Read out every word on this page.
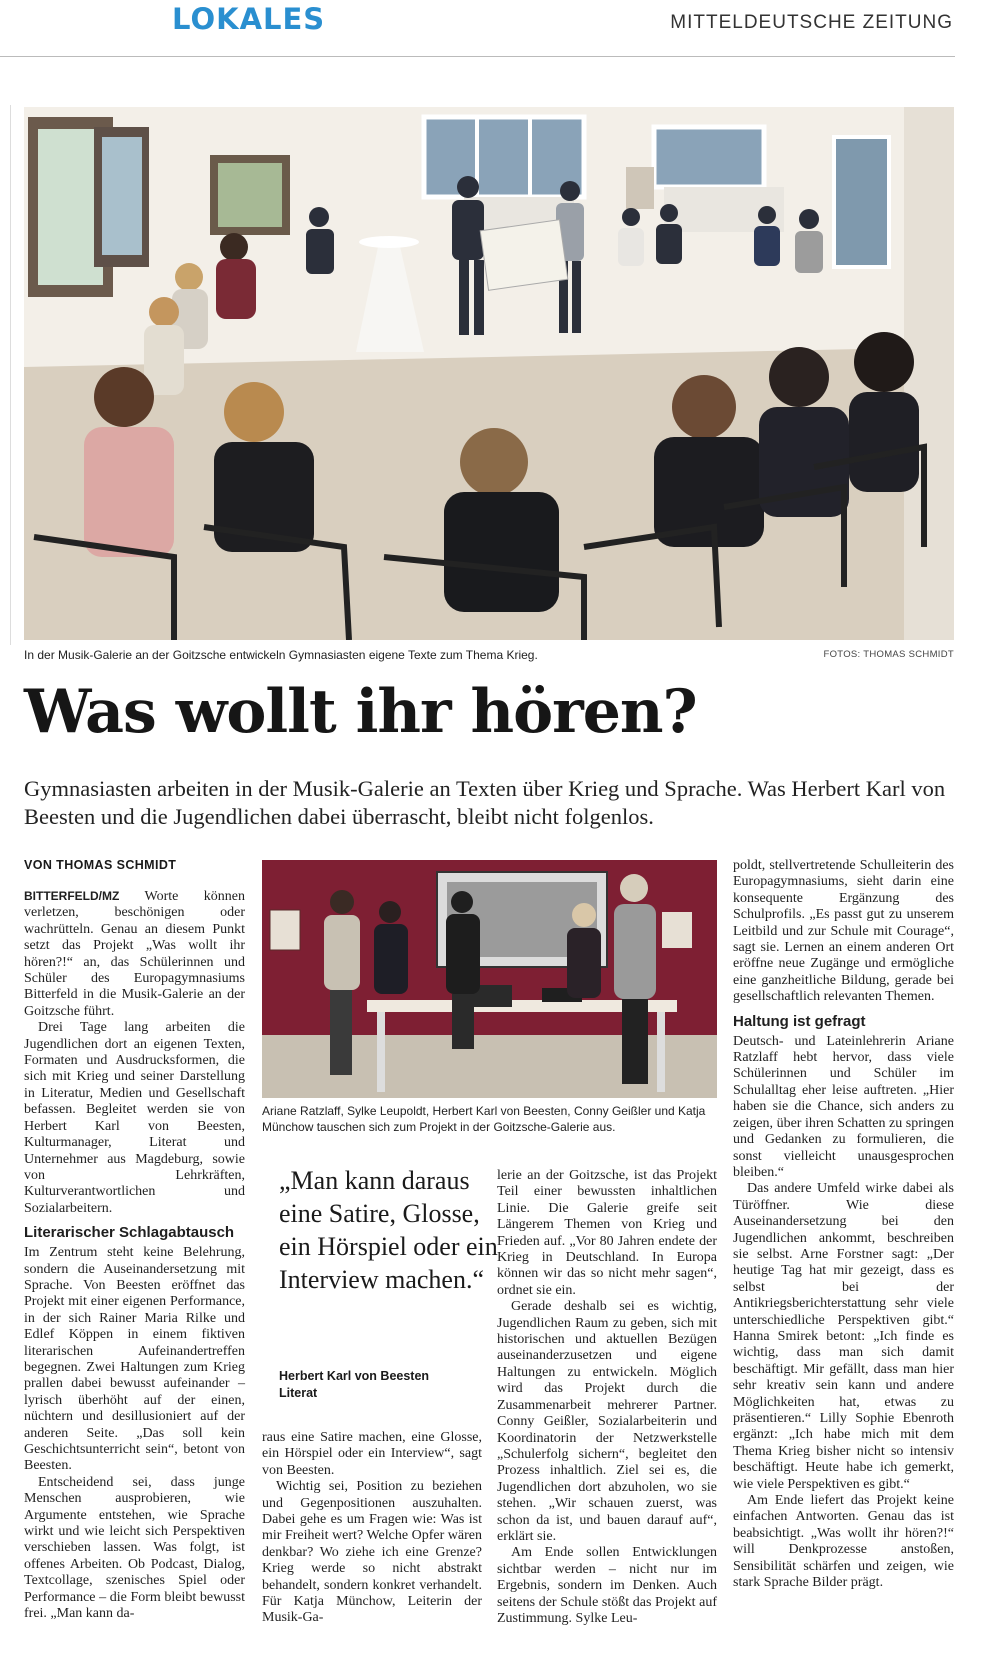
LOKALES	MITTELDEUTSCHE ZEITUNG
In der Musik-Galerie an der Goitzsche entwickeln Gymnasiasten eigene Texte zum Thema Krieg.	FOTOS: THOMAS SCHMIDT
Was wollt ihr hören?
Gymnasiasten arbeiten in der Musik-Galerie an Texten über Krieg und Sprache. Was Herbert Karl von Beesten und die Jugendlichen dabei überrascht, bleibt nicht folgenlos.
VON THOMAS SCHMIDT

BITTERFELD/MZ Worte können verletzen, beschönigen oder wachrütteln. Genau an diesem Punkt setzt das Projekt „Was wollt ihr hören?!“ an, das Schülerinnen und Schüler des Europagymnasiums Bitterfeld in die Musik-Galerie an der Goitzsche führt.

Drei Tage lang arbeiten die Jugendlichen dort an eigenen Texten, Formaten und Ausdrucksformen, die sich mit Krieg und seiner Darstellung in Literatur, Medien und Gesellschaft befassen. Begleitet werden sie von Herbert Karl von Beesten, Kulturmanager, Literat und Unternehmer aus Magdeburg, sowie von Lehrkräften, Kulturverantwortlichen und Sozialarbeitern.

Literarischer Schlagabtausch

Im Zentrum steht keine Belehrung, sondern die Auseinandersetzung mit Sprache. Von Beesten eröffnet das Projekt mit einer eigenen Performance, in der sich Rainer Maria Rilke und Edlef Köppen in einem fiktiven literarischen Aufeinandertreffen begegnen. Zwei Haltungen zum Krieg prallen dabei bewusst aufeinander – lyrisch überhöht auf der einen, nüchtern und desillusioniert auf der anderen Seite. „Das soll kein Geschichtsunterricht sein“, betont von Beesten.

Entscheidend sei, dass junge Menschen ausprobieren, wie Argumente entstehen, wie Sprache wirkt und wie leicht sich Perspektiven verschieben lassen. Was folgt, ist offenes Arbeiten. Ob Podcast, Dialog, Textcollage, szenisches Spiel oder Performance – die Form bleibt bewusst frei. „Man kann da-

Ariane Ratzlaff, Sylke Leupoldt, Herbert Karl von Beesten, Conny Geißler und Katja Münchow tauschen sich zum Projekt in der Goitzsche-Galerie aus.
„Man kann daraus eine Satire, Glosse, ein Hörspiel oder ein Interview machen.“
Herbert Karl von Beesten
Literat

raus eine Satire machen, eine Glosse, ein Hörspiel oder ein Interview“, sagt von Beesten.

Wichtig sei, Position zu beziehen und Gegenpositionen auszuhalten. Dabei gehe es um Fragen wie: Was ist mir Freiheit wert? Welche Opfer wären denkbar? Wo ziehe ich eine Grenze? Krieg werde so nicht abstrakt behandelt, sondern konkret verhandelt. Für Katja Münchow, Leiterin der Musik-Ga-

lerie an der Goitzsche, ist das Projekt Teil einer bewussten inhaltlichen Linie. Die Galerie greife seit Längerem Themen von Krieg und Frieden auf. „Vor 80 Jahren endete der Krieg in Deutschland. In Europa können wir das so nicht mehr sagen“, ordnet sie ein.

Gerade deshalb sei es wichtig, Jugendlichen Raum zu geben, sich mit historischen und aktuellen Bezügen auseinanderzusetzen und eigene Haltungen zu entwickeln. Möglich wird das Projekt durch die Zusammenarbeit mehrerer Partner. Conny Geißler, Sozialarbeiterin und Koordinatorin der Netzwerkstelle „Schulerfolg sichern“, begleitet den Prozess inhaltlich. Ziel sei es, die Jugendlichen dort abzuholen, wo sie stehen. „Wir schauen zuerst, was schon da ist, und bauen darauf auf“, erklärt sie.

Am Ende sollen Entwicklungen sichtbar werden – nicht nur im Ergebnis, sondern im Denken. Auch seitens der Schule stößt das Projekt auf Zustimmung. Sylke Leu-

poldt, stellvertretende Schulleiterin des Europagymnasiums, sieht darin eine konsequente Ergänzung des Schulprofils. „Es passt gut zu unserem Leitbild und zur Schule mit Courage“, sagt sie. Lernen an einem anderen Ort eröffne neue Zugänge und ermögliche eine ganzheitliche Bildung, gerade bei gesellschaftlich relevanten Themen.

Haltung ist gefragt

Deutsch- und Lateinlehrerin Ariane Ratzlaff hebt hervor, dass viele Schülerinnen und Schüler im Schulalltag eher leise auftreten. „Hier haben sie die Chance, sich anders zu zeigen, über ihren Schatten zu springen und Gedanken zu formulieren, die sonst vielleicht unausgesprochen bleiben.“

Das andere Umfeld wirke dabei als Türöffner. Wie diese Auseinandersetzung bei den Jugendlichen ankommt, beschreiben sie selbst. Arne Forstner sagt: „Der heutige Tag hat mir gezeigt, dass es selbst bei der Antikriegsberichterstattung sehr viele unterschiedliche Perspektiven gibt.“ Hanna Smirek betont: „Ich finde es wichtig, dass man sich damit beschäftigt. Mir gefällt, dass man hier sehr kreativ sein kann und andere Möglichkeiten hat, etwas zu präsentieren.“ Lilly Sophie Ebenroth ergänzt: „Ich habe mich mit dem Thema Krieg bisher nicht so intensiv beschäftigt. Heute habe ich gemerkt, wie viele Perspektiven es gibt.“

Am Ende liefert das Projekt keine einfachen Antworten. Genau das ist beabsichtigt. „Was wollt ihr hören?!“ will Denkprozesse anstoßen, Sensibilität schärfen und zeigen, wie stark Sprache Bilder prägt.
